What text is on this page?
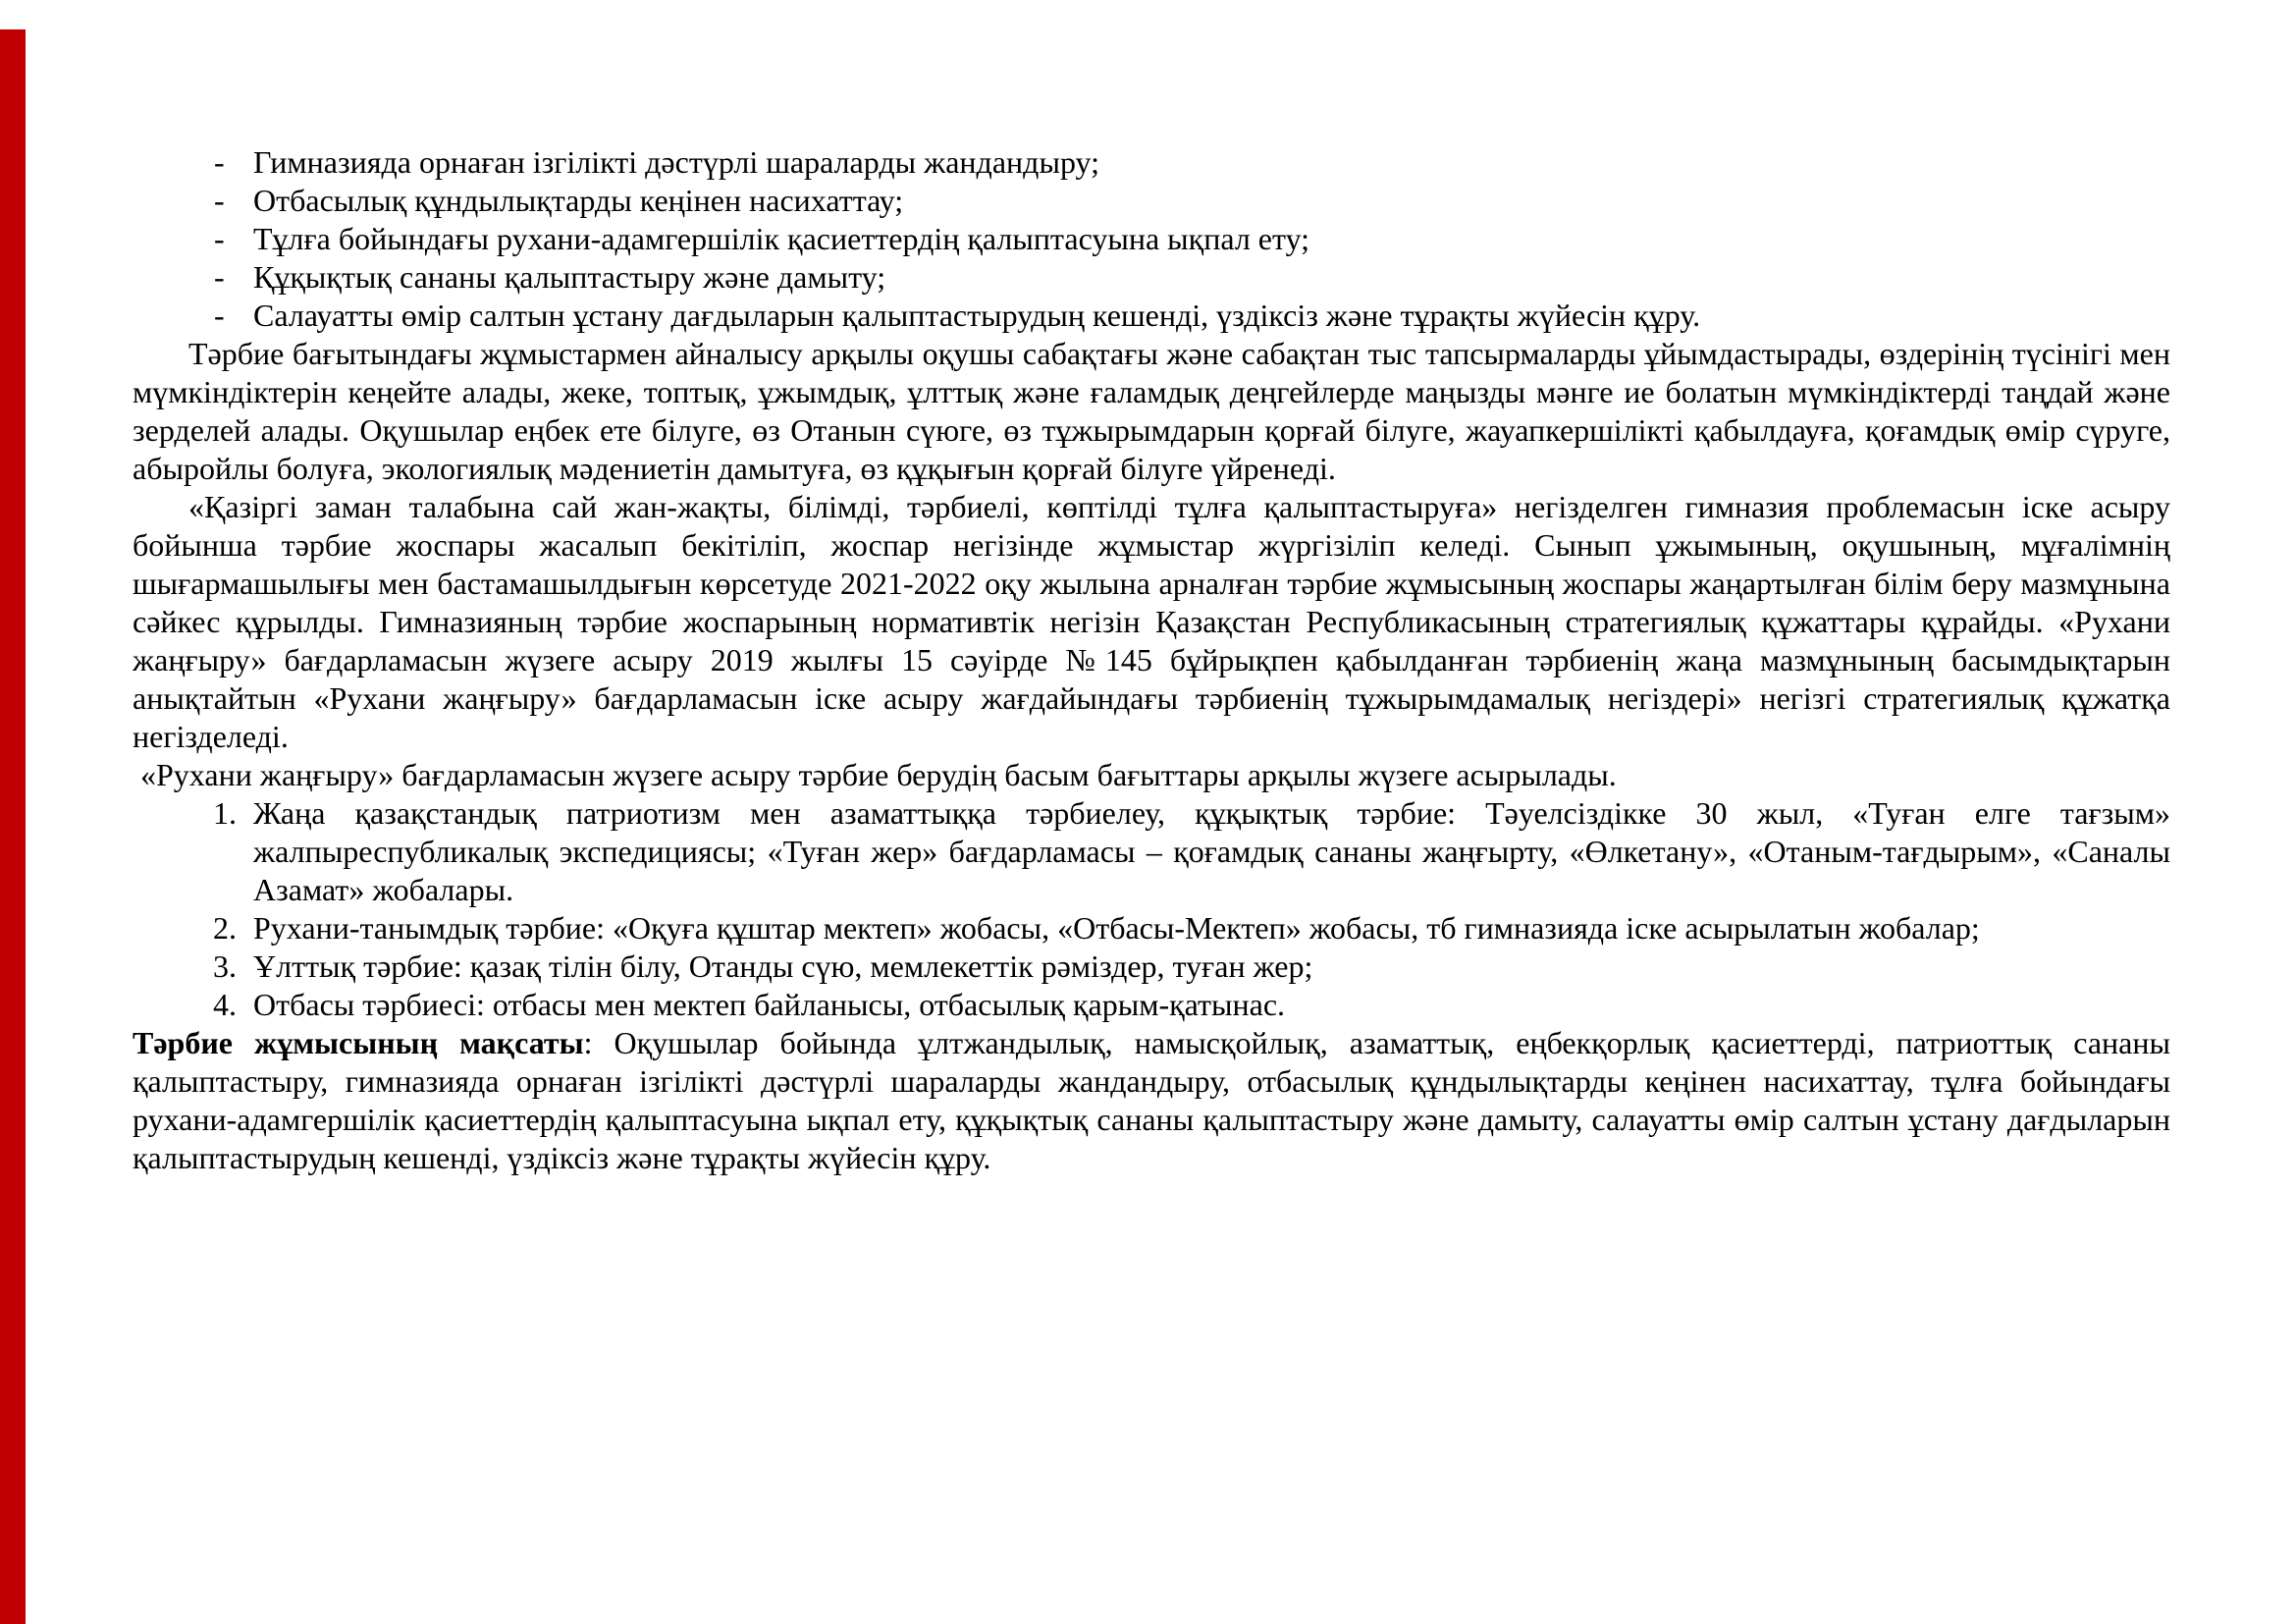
- Гимназияда орнаған ізгілікті дәстүрлі шараларды жандандыру;
- Отбасылық құндылықтарды кеңінен насихаттау;
- Тұлға бойындағы рухани-адамгершілік қасиеттердің қалыптасуына ықпал ету;
- Құқықтық сананы қалыптастыру және дамыту;
- Салауатты өмір салтын ұстану дағдыларын қалыптастырудың кешенді, үздіксіз және тұрақты жүйесін құру.

Тәрбие бағытындағы жұмыстармен айналысу арқылы оқушы сабақтағы және сабақтан тыс тапсырмаларды ұйымдастырады, өздерінің түсінігі мен мүмкіндіктерін кеңейте алады, жеке, топтық, ұжымдық, ұлттық және ғаламдық деңгейлерде маңызды мәнге ие болатын мүмкіндіктерді таңдай және зерделей алады. Оқушылар еңбек ете білуге, өз Отанын сүюге, өз тұжырымдарын қорғай білуге, жауапкершілікті қабылдауға, қоғамдық өмір сүруге, абыройлы болуға, экологиялық мәдениетін дамытуға, өз құқығын қорғай білуге үйренеді.

«Қазіргі заман талабына сай жан-жақты, білімді, тәрбиелі, көптілді тұлға қалыптастыруға» негізделген гимназия проблемасын іске асыру бойынша тәрбие жоспары жасалып бекітіліп, жоспар негізінде жұмыстар жүргізіліп келеді. Сынып ұжымының, оқушының, мұғалімнің шығармашылығы мен бастамашылдығын көрсетуде 2021-2022 оқу жылына арналған тәрбие жұмысының жоспары жаңартылған білім беру мазмұнына сәйкес құрылды. Гимназияның тәрбие жоспарының нормативтік негізін Қазақстан Республикасының стратегиялық құжаттары құрайды. «Рухани жаңғыру» бағдарламасын жүзеге асыру 2019 жылғы 15 сәуірде №145 бұйрықпен қабылданған тәрбиенің жаңа мазмұнының басымдықтарын анықтайтын «Рухани жаңғыру» бағдарламасын іске асыру жағдайындағы тәрбиенің тұжырымдамалық негіздері» негізгі стратегиялық құжатқа негізделеді.

«Рухани жаңғыру» бағдарламасын жүзеге асыру тәрбие берудің басым бағыттары арқылы жүзеге асырылады.

1. Жаңа қазақстандық патриотизм мен азаматтыққа тәрбиелеу, құқықтық тәрбие: Тәуелсіздікке 30 жыл, «Туған елге тағзым» жалпыреспубликалық экспедициясы; «Туған жер» бағдарламасы – қоғамдық сананы жаңғырту, «Өлкетану», «Отаным-тағдырым», «Саналы Азамат» жобалары.
2. Рухани-танымдық тәрбие: «Оқуға құштар мектеп» жобасы, «Отбасы-Мектеп» жобасы, тб гимназияда іске асырылатын жобалар;
3. Ұлттық тәрбие: қазақ тілін білу, Отанды сүю, мемлекеттік рәміздер, туған жер;
4. Отбасы тәрбиесі: отбасы мен мектеп байланысы, отбасылық қарым-қатынас.

Тәрбие жұмысының мақсаты: Оқушылар бойында ұлтжандылық, намысқойлық, азаматтық, еңбекқорлық қасиеттерді, патриоттық сананы қалыптастыру, гимназияда орнаған ізгілікті дәстүрлі шараларды жандандыру, отбасылық құндылықтарды кеңінен насихаттау, тұлға бойындағы рухани-адамгершілік қасиеттердің қалыптасуына ықпал ету, құқықтық сананы қалыптастыру және дамыту, салауатты өмір салтын ұстану дағдыларын қалыптастырудың кешенді, үздіксіз және тұрақты жүйесін құру.
